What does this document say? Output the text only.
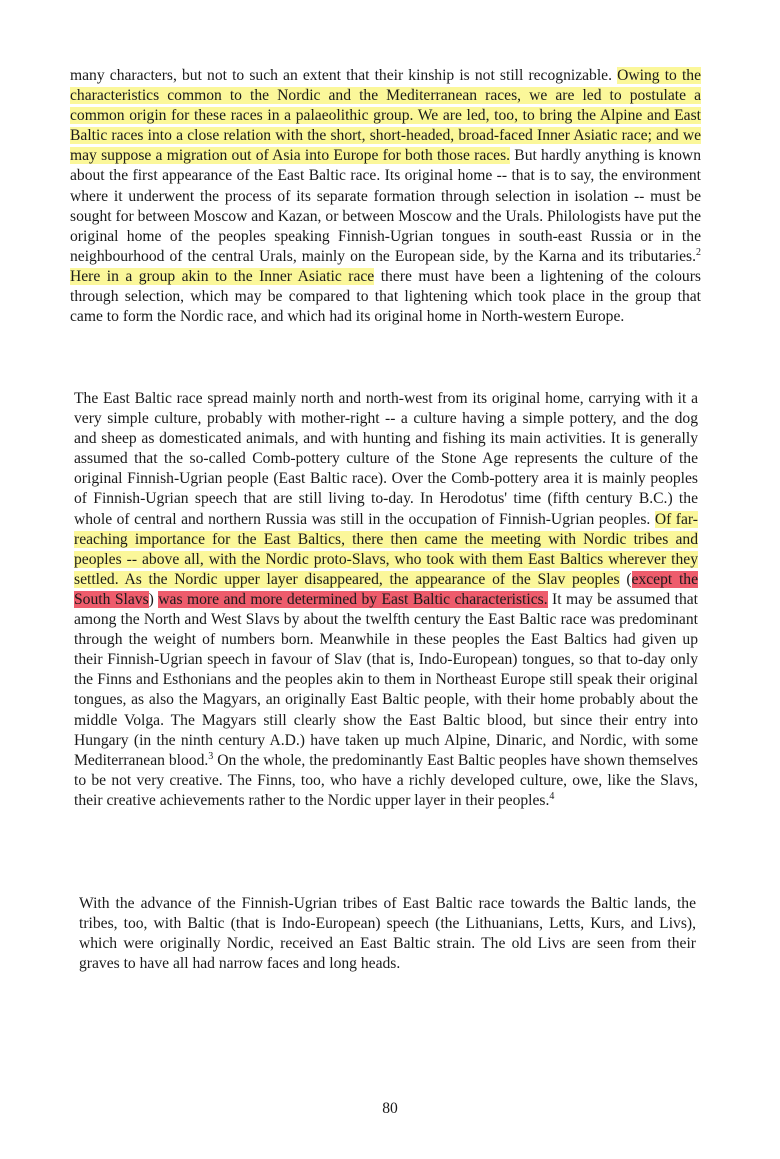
many characters, but not to such an extent that their kinship is not still recognizable. Owing to the characteristics common to the Nordic and the Mediterranean races, we are led to postulate a common origin for these races in a palaeolithic group. We are led, too, to bring the Alpine and East Baltic races into a close relation with the short, short-headed, broad-faced Inner Asiatic race; and we may suppose a migration out of Asia into Europe for both those races. But hardly anything is known about the first appearance of the East Baltic race. Its original home -- that is to say, the environment where it underwent the process of its separate formation through selection in isolation -- must be sought for between Moscow and Kazan, or between Moscow and the Urals. Philologists have put the original home of the peoples speaking Finnish-Ugrian tongues in south-east Russia or in the neighbourhood of the central Urals, mainly on the European side, by the Karna and its tributaries.$^2$ Here in a group akin to the Inner Asiatic race there must have been a lightening of the colours through selection, which may be compared to that lightening which took place in the group that came to form the Nordic race, and which had its original home in North-western Europe.

The East Baltic race spread mainly north and north-west from its original home, carrying with it a very simple culture, probably with mother-right -- a culture having a simple pottery, and the dog and sheep as domesticated animals, and with hunting and fishing its main activities. It is generally assumed that the so-called Comb-pottery culture of the Stone Age represents the culture of the original Finnish-Ugrian people (East Baltic race). Over the Comb-pottery area it is mainly peoples of Finnish-Ugrian speech that are still living to-day. In Herodotus' time (fifth century B.C.) the whole of central and northern Russia was still in the occupation of Finnish-Ugrian peoples. Of far-reaching importance for the East Baltics, there then came the meeting with Nordic tribes and peoples -- above all, with the Nordic proto-Slavs, who took with them East Baltics wherever they settled. As the Nordic upper layer disappeared, the appearance of the Slav peoples (except the South Slavs) was more and more determined by East Baltic characteristics. It may be assumed that among the North and West Slavs by about the twelfth century the East Baltic race was predominant through the weight of numbers born. Meanwhile in these peoples the East Baltics had given up their Finnish-Ugrian speech in favour of Slav (that is, Indo-European) tongues, so that to-day only the Finns and Esthonians and the peoples akin to them in Northeast Europe still speak their original tongues, as also the Magyars, an originally East Baltic people, with their home probably about the middle Volga. The Magyars still clearly show the East Baltic blood, but since their entry into Hungary (in the ninth century A.D.) have taken up much Alpine, Dinaric, and Nordic, with some Mediterranean blood.$^3$ On the whole, the predominantly East Baltic peoples have shown themselves to be not very creative. The Finns, too, who have a richly developed culture, owe, like the Slavs, their creative achievements rather to the Nordic upper layer in their peoples.$^4$

With the advance of the Finnish-Ugrian tribes of East Baltic race towards the Baltic lands, the tribes, too, with Baltic (that is Indo-European) speech (the Lithuanians, Letts, Kurs, and Livs), which were originally Nordic, received an East Baltic strain. The old Livs are seen from their graves to have all had narrow faces and long heads.

80
